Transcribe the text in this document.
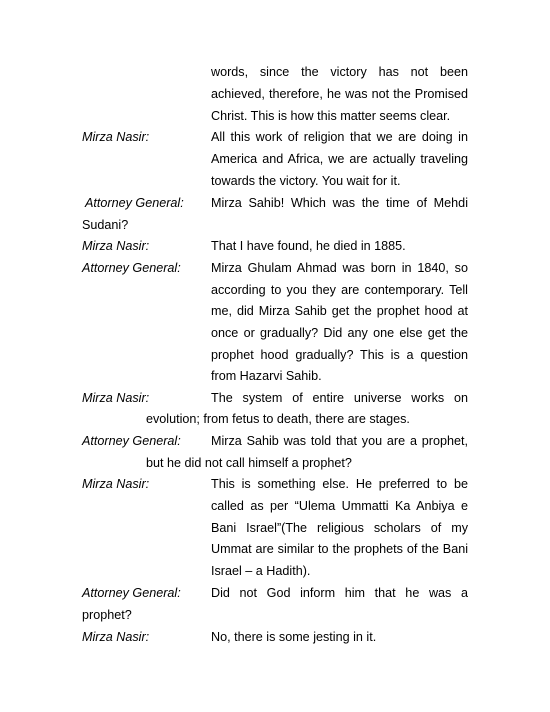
words, since the victory has not been
achieved, therefore, he was not the Promised
Christ. This is how this matter seems clear.
Mirza Nasir:	All this work of religion that we are doing in
America and Africa, we are actually traveling
towards the victory. You wait for it.
Attorney General: Mirza Sahib! Which was the time of Mehdi
Sudani?
Mirza Nasir:	That I have found, he died in 1885.
Attorney General: Mirza Ghulam Ahmad was born in 1840, so
according to you they are contemporary. Tell
me, did Mirza Sahib get the prophet hood at
once or gradually? Did any one else get the
prophet hood gradually? This is a question
from Hazarvi Sahib.
Mirza Nasir:	The system of entire universe works on
evolution; from fetus to death, there are stages.
Attorney General: Mirza Sahib was told that you are a prophet,
but he did not call himself a prophet?
Mirza Nasir:	This is something else. He preferred to be
called as per “Ulema Ummatti Ka Anbiya e
Bani Israel”(The religious scholars of my
Ummat are similar to the prophets of the Bani
Israel – a Hadith).
Attorney General: Did not God inform him that he was a
prophet?
Mirza Nasir:	No, there is some jesting in it.
